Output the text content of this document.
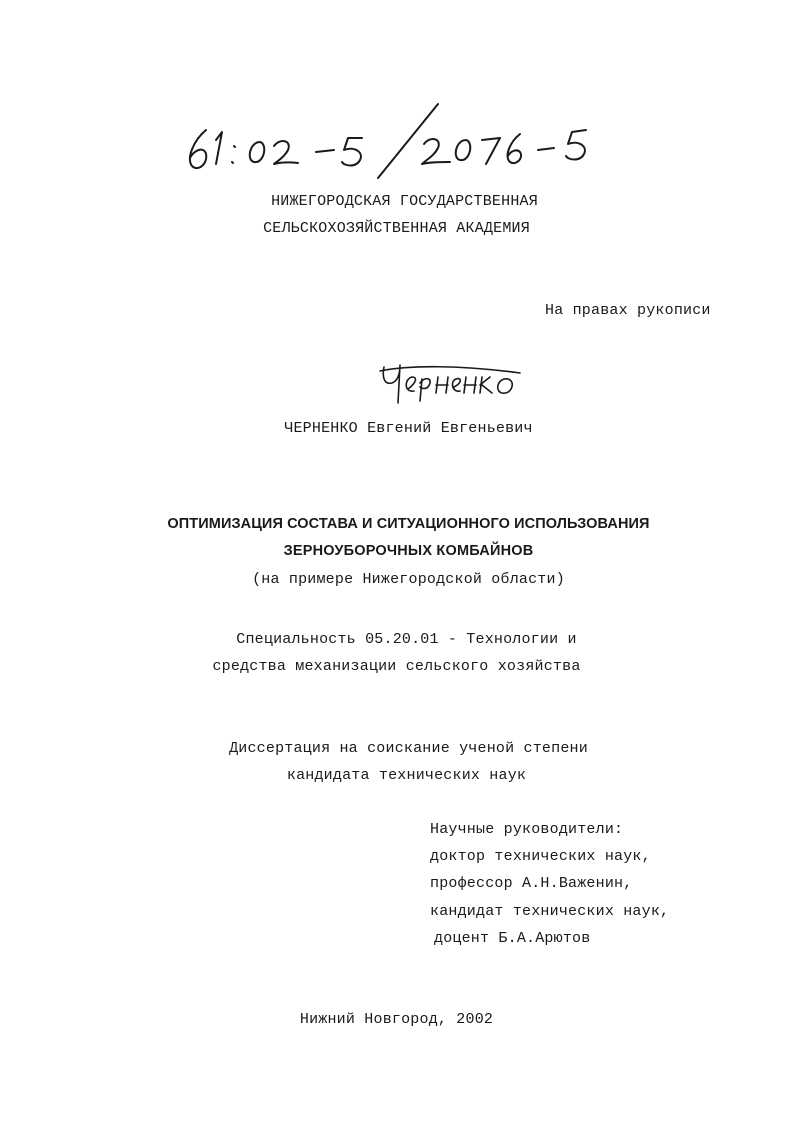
НИЖЕГОРОДСКАЯ ГОСУДАРСТВЕННАЯ
СЕЛЬСКОХОЗЯЙСТВЕННАЯ АКАДЕМИЯ
На правах рукописи
ЧЕРНЕНКО Евгений Евгеньевич
ОПТИМИЗАЦИЯ СОСТАВА И СИТУАЦИОННОГО ИСПОЛЬЗОВАНИЯ
ЗЕРНОУБОРОЧНЫХ КОМБАЙНОВ
(на примере Нижегородской области)
Специальность 05.20.01 - Технологии и
средства механизации сельского хозяйства
Диссертация на соискание ученой степени
кандидата технических наук
Научные руководители:
доктор технических наук,
профессор А.Н.Важенин,
кандидат технических наук,
доцент Б.А.Арютов
Нижний Новгород, 2002
